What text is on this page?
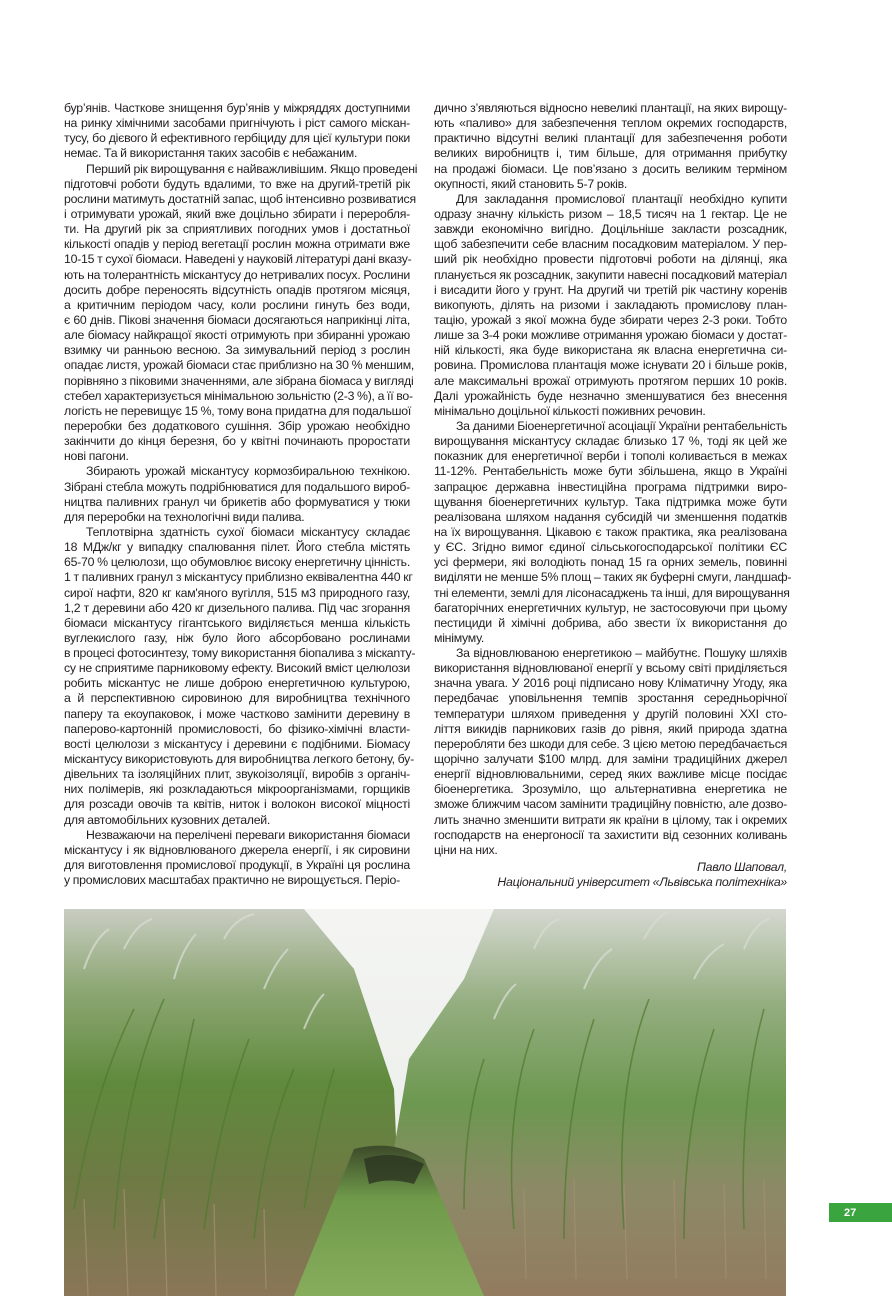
бур’янів. Часткове знищення бур’янів у міжряддях доступними
на ринку хімічними засобами пригнічують і ріст самого міскан-
тусу, бо дієвого й ефективного гербіциду для цієї культури поки
немає. Та й використання таких засобів є небажаним.
Перший рік вирощування є найважливішим. Якщо проведені
підготовчі роботи будуть вдалими, то вже на другий-третій рік
рослини матимуть достатній запас, щоб інтенсивно розвиватися
і отримувати урожай, який вже доцільно збирати і переробля-
ти. На другий рік за сприятливих погодних умов і достатньої
кількості опадів у період вегетації рослин можна отримати вже
10-15 т сухої біомаси. Наведені у науковій літературі дані вказу-
ють на толерантність міскантусу до нетривалих посух. Рослини
досить добре переносять відсутність опадів протягом місяця,
а критичним періодом часу, коли рослини гинуть без води,
є 60 днів. Пікові значення біомаси досягаються наприкінці літа,
але біомасу найкращої якості отримують при збиранні урожаю
взимку чи ранньою весною. За зимувальний період з рослин
опадає листя, урожай біомаси стає приблизно на 30 % меншим,
порівняно з піковими значеннями, але зібрана біомаса у вигляді
стебел характеризується мінімальною зольністю (2-3 %), а її во-
логість не перевищує 15 %, тому вона придатна для подальшої
переробки без додаткового сушіння. Збір урожаю необхідно
закінчити до кінця березня, бо у квітні починають проростати
нові пагони.
Збирають урожай міскантусу кормозбиральною технікою.
Зібрані стебла можуть подрібнюватися для подальшого вироб-
ництва паливних гранул чи брикетів або формуватися у тюки
для переробки на технологічні види палива.
Теплотвірна здатність сухої біомаси міскантусу складає
18 МДж/кг у випадку спалювання пілет. Його стебла містять
65-70 % целюлози, що обумовлює високу енергетичну цінність.
1 т паливних гранул з міскантусу приблизно еквівалентна 440 кг
сирої нафти, 820 кг кам'яного вугілля, 515 м3 природного газу,
1,2 т деревини або 420 кг дизельного палива. Під час згорання
біомаси міскантусу гігантського виділяється менша кількість
вуглекислого газу, ніж було його абсорбовано рослинами
в процесі фотосинтезу, тому використання біопалива з міскanту-
су не сприятиме парниковому ефекту. Високий вміст целюлози
робить міскантус не лише доброю енергетичною культурою,
а й перспективною сировиною для виробництва технічного
паперу та екоупаковок, і може частково замінити деревину в
паперово-картонній промисловості, бо фізико-хімічні власти-
вості целюлози з міскантусу і деревини є подібними. Біомасу
міскантусу використовують для виробництва легкого бетону, бу-
дівельних та ізоляційних плит, звукоізоляції, виробів з органіч-
них полімерів, які розкладаються мікроорганізмами, горщиків
для розсади овочів та квітів, ниток і волокон високої міцності
для автомобільних кузовних деталей.
Незважаючи на перелічені переваги використання біомаси
міскантусу і як відновлюваного джерела енергії, і як сировини
для виготовлення промислової продукції, в Україні ця рослина
у промислових масштабах практично не вирощується. Періо-
дично з’являються відносно невеликі плантації, на яких вирощу-
ють «паливо» для забезпечення теплом окремих господарств,
практично відсутні великі плантації для забезпечення роботи
великих виробництв і, тим більше, для отримання прибутку
на продажі біомаси. Це пов’язано з досить великим терміном
окупності, який становить 5-7 років.
Для закладання промислової плантації необхідно купити
одразу значну кількість ризом – 18,5 тисяч на 1 гектар. Це не
завжди економічно вигідно. Доцільніше закласти розсадник,
щоб забезпечити себе власним посадковим матеріалом. У пер-
ший рік необхідно провести підготовчі роботи на ділянці, яка
планується як розсадник, закупити навесні посадковий матеріал
і висадити його у грунт. На другий чи третій рік частину коренів
викопують, ділять на ризоми і закладають промислову план-
тацію, урожай з якої можна буде збирати через 2-3 роки. Тобто
лише за 3-4 роки можливе отримання урожаю біомаси у достат-
ній кількості, яка буде використана як власна енергетична си-
ровина. Промислова плантація може існувати 20 і більше років,
але максимальні врожаї отримують протягом перших 10 років.
Далі урожайність буде незначно зменшуватися без внесення
мінімально доцільної кількості поживних речовин.
За даними Біоенергетичної асоціації України рентабельність
вирощування міскантусу складає близько 17 %, тоді як цей же
показник для енергетичної верби і тополі коливається в межах
11-12%. Рентабельність може бути збільшена, якщо в Україні
запрацює державна інвестиційна програма підтримки виро-
щування біоенергетичних культур. Така підтримка може бути
реалізована шляхом надання субсидій чи зменшення податків
на їх вирощування. Цікавою є також практика, яка реалізована
у ЄС. Згідно вимог єдиної сільськогосподарської політики ЄС
усі фермери, які володіють понад 15 га орних земель, повинні
виділяти не менше 5% площ – таких як буферні смуги, ландшаф-
тні елементи, землі для лісонасаджень та інші, для вирощування
багаторічних енергетичних культур, не застосовуючи при цьому
пестициди й хімічні добрива, або звести їх використання до
мінімуму.
За відновлюваною енергетикою – майбутнє. Пошуку шляхів
використання відновлюваної енергії у всьому світі приділяється
значна увага. У 2016 році підписано нову Кліматичну Угоду, яка
передбачає уповільнення темпів зростання середньорічної
температури шляхом приведення у другій половині XXI сто-
ліття викидів парникових газів до рівня, який природа здатна
переробляти без шкоди для себе. З цією метою передбачається
щорічно залучати $100 млрд. для заміни традиційних джерел
енергії відновлювальними, серед яких важливе місце посідає
біоенергетика. Зрозуміло, що альтернативна енергетика не
зможе ближчим часом замінити традиційну повністю, але дозво-
лить значно зменшити витрати як країни в цілому, так і окремих
господарств на енергоносії та захистити від сезонних коливань
ціни на них.
Павло Шаповал,
Національний університет «Львівська політехніка»
27
